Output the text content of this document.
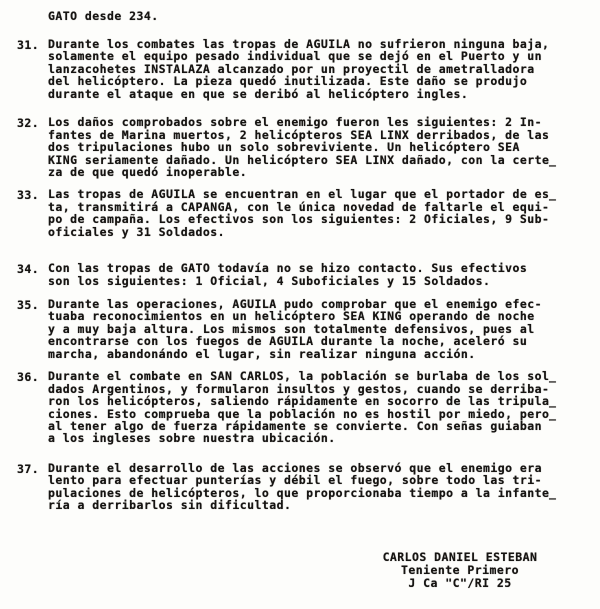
GATO desde 234.
31. Durante los combates las tropas de AGUILA no sufrieron ninguna baja,
solamente el equipo pesado individual que se dejó en el Puerto y un
lanzacohetes INSTALAZA alcanzado por un proyectil de ametralladora
del helicóptero. La pieza quedó inutilizada. Este daño se produjo
durante el ataque en que se deribó al helicóptero ingles.
32. Los daños comprobados sobre el enemigo fueron les siguientes: 2 In-
fantes de Marina muertos, 2 helicópteros SEA LINX derribados, de las
dos tripulaciones hubo un solo sobreviviente. Un helicóptero SEA
KING seriamente dañado. Un helicóptero SEA LINX dañado, con la certe̲
za de que quedó inoperable.
33. Las tropas de AGUILA se encuentran en el lugar que el portador de es̲
ta, transmitirá a CAPANGA, con le única novedad de faltarle el equi-
po de campaña. Los efectivos son los siguientes: 2 Oficiales, 9 Sub-
oficiales y 31 Soldados.
34. Con las tropas de GATO todavía no se hizo contacto. Sus efectivos
son los siguientes: 1 Oficial, 4 Suboficiales y 15 Soldados.
35. Durante las operaciones, AGUILA pudo comprobar que el enemigo efec-
tuaba reconocimientos en un helicóptero SEA KING operando de noche
y a muy baja altura. Los mismos son totalmente defensivos, pues al
encontrarse con los fuegos de AGUILA durante la noche, aceleró su
marcha, abandonándo el lugar, sin realizar ninguna acción.
36. Durante el combate en SAN CARLOS, la población se burlaba de los sol̲
dados Argentinos, y formularon insultos y gestos, cuando se derriba-
ron los helicópteros, saliendo rápidamente en socorro de las tripula̲
ciones. Esto comprueba que la población no es hostil por miedo, pero̲
al tener algo de fuerza rápidamente se convierte. Con señas guiaban
a los ingleses sobre nuestra ubicación.
37. Durante el desarrollo de las acciones se observó que el enemigo era
lento para efectuar punterías y débil el fuego, sobre todo las tri-
pulaciones de helicópteros, lo que proporcionaba tiempo a la infante̲
ría a derribarlos sin dificultad.
CARLOS DANIEL ESTEBAN
Teniente Primero
J Ca "C"/RI 25
